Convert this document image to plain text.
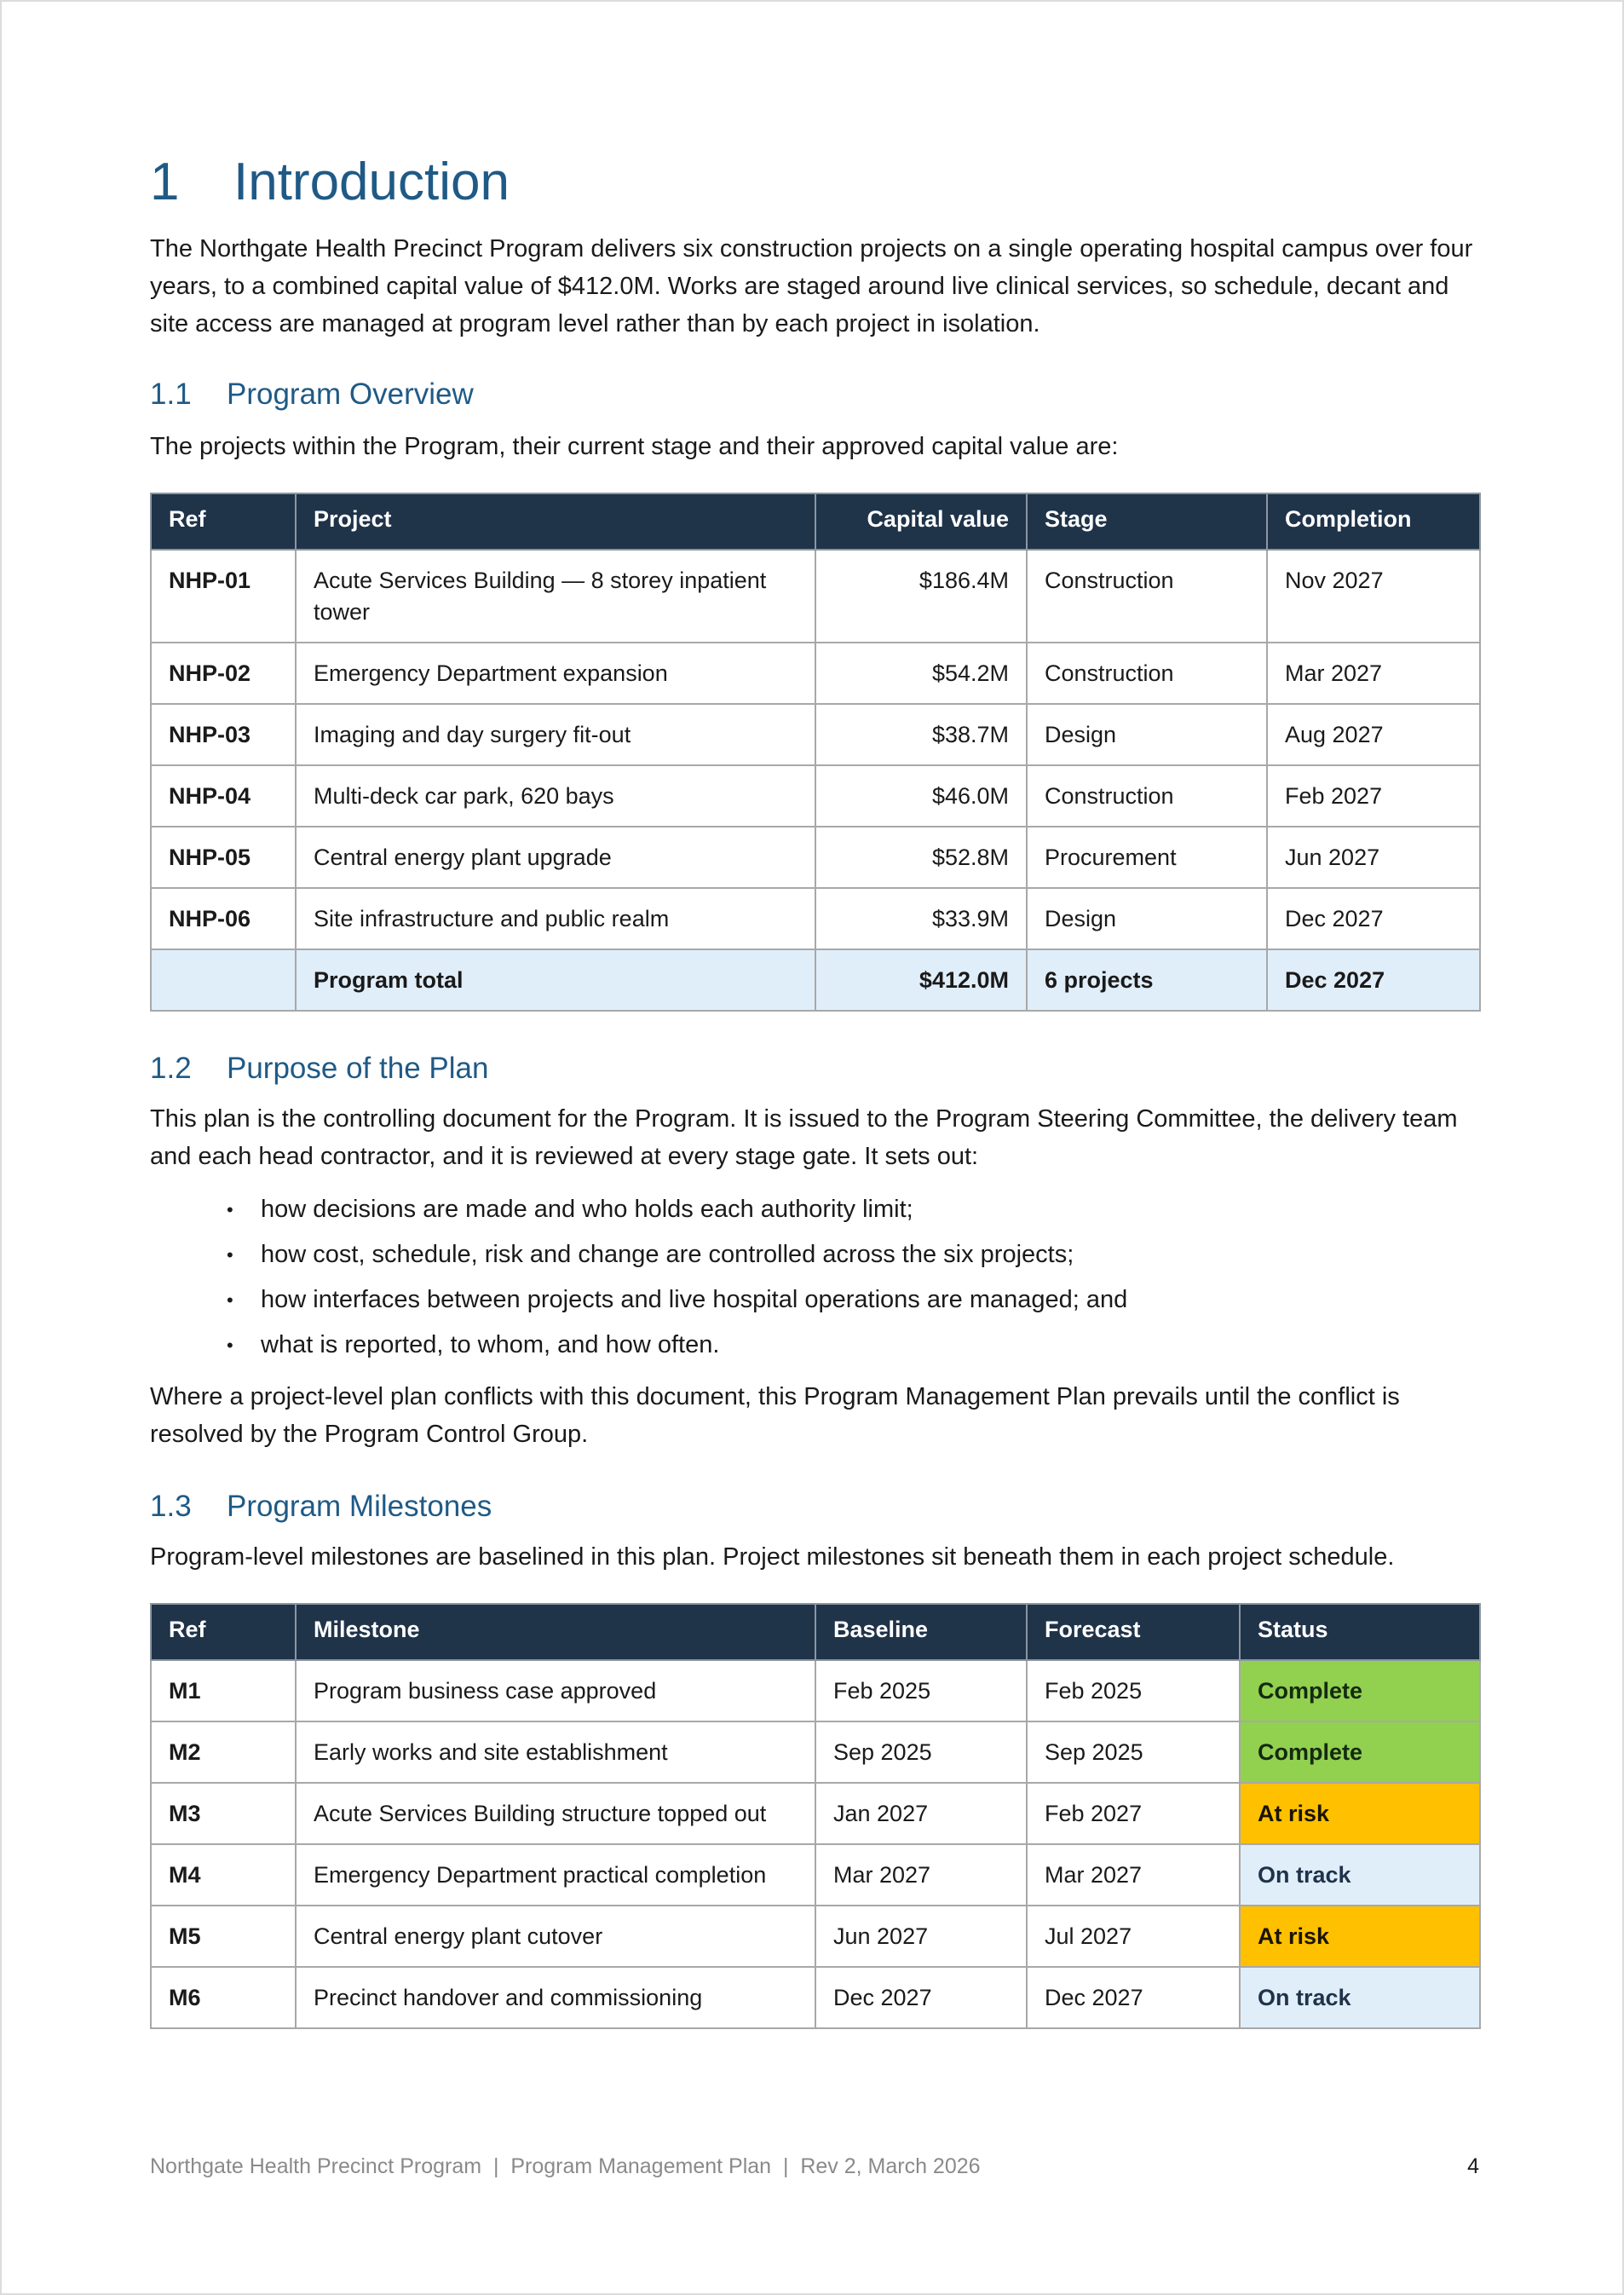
1 Introduction

The Northgate Health Precinct Program delivers six construction projects on a single operating hospital campus over four years, to a combined capital value of $412.0M. Works are staged around live clinical services, so schedule, decant and site access are managed at program level rather than by each project in isolation.

1.1 Program Overview

The projects within the Program, their current stage and their approved capital value are:

Ref	Project	Capital value	Stage	Completion
NHP-01	Acute Services Building — 8 storey inpatient tower	$186.4M	Construction	Nov 2027
NHP-02	Emergency Department expansion	$54.2M	Construction	Mar 2027
NHP-03	Imaging and day surgery fit-out	$38.7M	Design	Aug 2027
NHP-04	Multi-deck car park, 620 bays	$46.0M	Construction	Feb 2027
NHP-05	Central energy plant upgrade	$52.8M	Procurement	Jun 2027
NHP-06	Site infrastructure and public realm	$33.9M	Design	Dec 2027
	Program total	$412.0M	6 projects	Dec 2027
1.2 Purpose of the Plan

This plan is the controlling document for the Program. It is issued to the Program Steering Committee, the delivery team and each head contractor, and it is reviewed at every stage gate. It sets out:

• how decisions are made and who holds each authority limit;
• how cost, schedule, risk and change are controlled across the six projects;
• how interfaces between projects and live hospital operations are managed; and
• what is reported, to whom, and how often.

Where a project-level plan conflicts with this document, this Program Management Plan prevails until the conflict is resolved by the Program Control Group.

1.3 Program Milestones

Program-level milestones are baselined in this plan. Project milestones sit beneath them in each project schedule.

Ref	Milestone	Baseline	Forecast	Status
M1	Program business case approved	Feb 2025	Feb 2025	Complete
M2	Early works and site establishment	Sep 2025	Sep 2025	Complete
M3	Acute Services Building structure topped out	Jan 2027	Feb 2027	At risk
M4	Emergency Department practical completion	Mar 2027	Mar 2027	On track
M5	Central energy plant cutover	Jun 2027	Jul 2027	At risk
M6	Precinct handover and commissioning	Dec 2027	Dec 2027	On track
Northgate Health Precinct Program  |  Program Management Plan  |  Rev 2, March 2026	4
